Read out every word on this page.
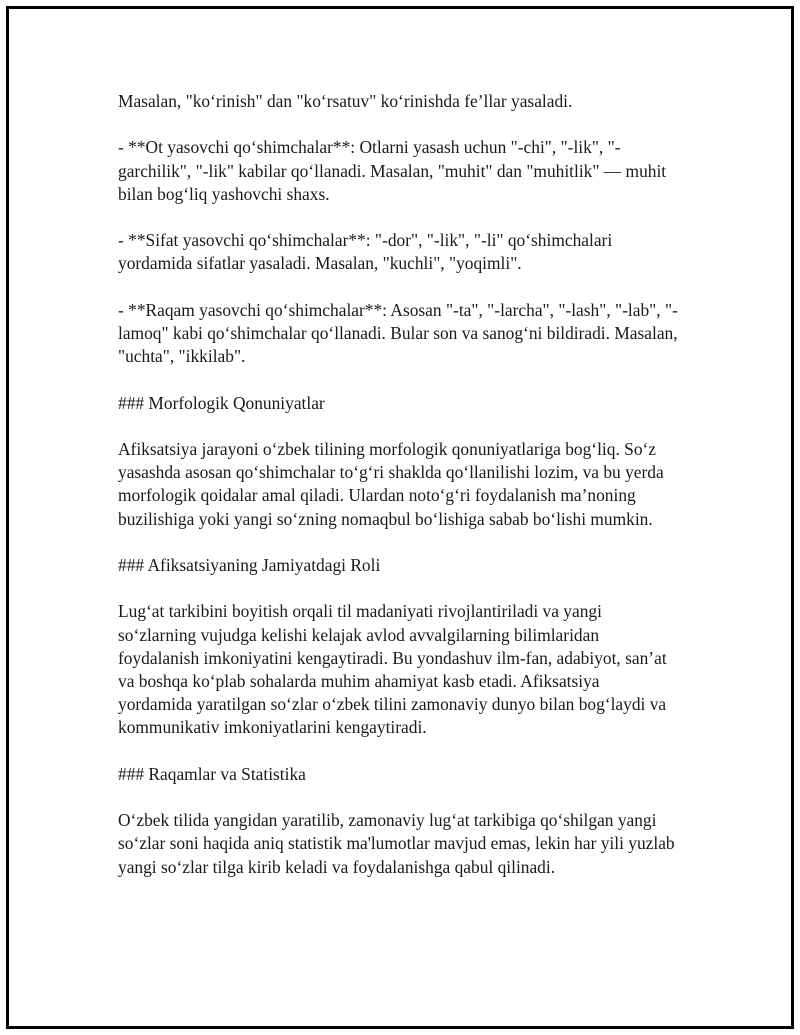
Masalan, "ko‘rinish" dan "ko‘rsatuv" ko‘rinishda fe’llar yasaladi.

- **Ot yasovchi qo‘shimchalar**: Otlarni yasash uchun "-chi", "-lik", "-garchilik", "-lik" kabilar qo‘llanadi. Masalan, "muhit" dan "muhitlik" — muhit bilan bog‘liq yashovchi shaxs.

- **Sifat yasovchi qo‘shimchalar**: "-dor", "-lik", "-li" qo‘shimchalari yordamida sifatlar yasaladi. Masalan, "kuchli", "yoqimli".

- **Raqam yasovchi qo‘shimchalar**: Asosan "-ta", "-larcha", "-lash", "-lab", "-lamoq" kabi qo‘shimchalar qo‘llanadi. Bular son va sanog‘ni bildiradi. Masalan, "uchta", "ikkilab".

### Morfologik Qonuniyatlar

Afiksatsiya jarayoni o‘zbek tilining morfologik qonuniyatlariga bog‘liq. So‘z yasashda asosan qo‘shimchalar to‘g‘ri shaklda qo‘llanilishi lozim, va bu yerda morfologik qoidalar amal qiladi. Ulardan noto‘g‘ri foydalanish ma’noning buzilishiga yoki yangi so‘zning nomaqbul bo‘lishiga sabab bo‘lishi mumkin.

### Afiksatsiyaning Jamiyatdagi Roli

Lug‘at tarkibini boyitish orqali til madaniyati rivojlantiriladi va yangi so‘zlarning vujudga kelishi kelajak avlod avvalgilarning bilimlaridan foydalanish imkoniyatini kengaytiradi. Bu yondashuv ilm-fan, adabiyot, san’at va boshqa ko‘plab sohalarda muhim ahamiyat kasb etadi. Afiksatsiya yordamida yaratilgan so‘zlar o‘zbek tilini zamonaviy dunyo bilan bog‘laydi va kommunikativ imkoniyatlarini kengaytiradi.

### Raqamlar va Statistika

O‘zbek tilida yangidan yaratilib, zamonaviy lug‘at tarkibiga qo‘shilgan yangi so‘zlar soni haqida aniq statistik ma'lumotlar mavjud emas, lekin har yili yuzlab yangi so‘zlar tilga kirib keladi va foydalanishga qabul qilinadi.
